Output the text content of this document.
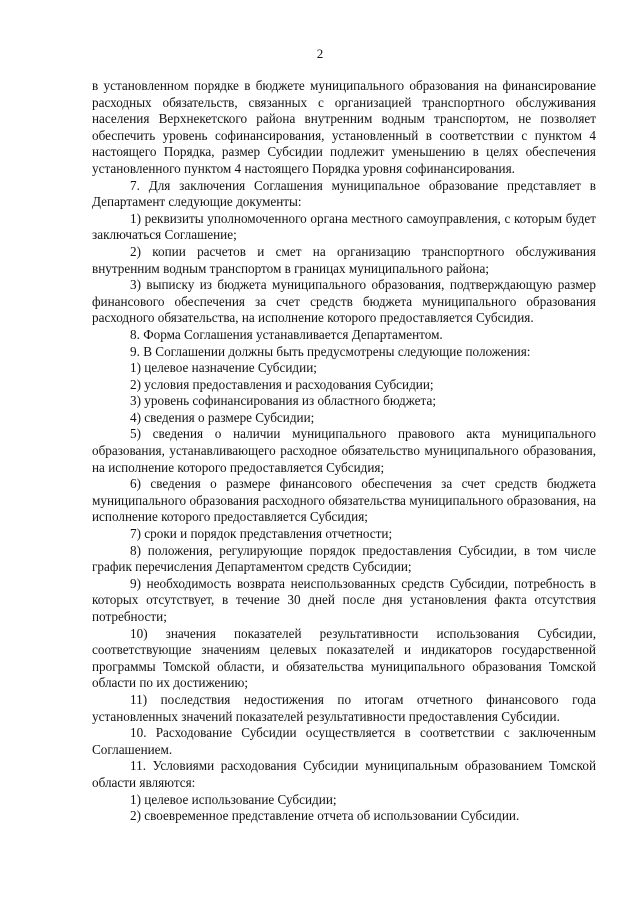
2

в установленном порядке в бюджете муниципального образования на финансирование расходных обязательств, связанных с организацией транспортного обслуживания населения Верхнекетского района внутренним водным транспортом, не позволяет обеспечить уровень софинансирования, установленный в соответствии с пунктом 4 настоящего Порядка, размер Субсидии подлежит уменьшению в целях обеспечения установленного пунктом 4 настоящего Порядка уровня софинансирования.

7. Для заключения Соглашения муниципальное образование представляет в Департамент следующие документы:

1) реквизиты уполномоченного органа местного самоуправления, с которым будет заключаться Соглашение;

2) копии расчетов и смет на организацию транспортного обслуживания внутренним водным транспортом в границах муниципального района;

3) выписку из бюджета муниципального образования, подтверждающую размер финансового обеспечения за счет средств бюджета муниципального образования расходного обязательства, на исполнение которого предоставляется Субсидия.

8. Форма Соглашения устанавливается Департаментом.

9. В Соглашении должны быть предусмотрены следующие положения:

1) целевое назначение Субсидии;

2) условия предоставления и расходования Субсидии;

3) уровень софинансирования из областного бюджета;

4) сведения о размере Субсидии;

5) сведения о наличии муниципального правового акта муниципального образования, устанавливающего расходное обязательство муниципального образования, на исполнение которого предоставляется Субсидия;

6) сведения о размере финансового обеспечения за счет средств бюджета муниципального образования расходного обязательства муниципального образования, на исполнение которого предоставляется Субсидия;

7) сроки и порядок представления отчетности;

8) положения, регулирующие порядок предоставления Субсидии, в том числе график перечисления Департаментом средств Субсидии;

9) необходимость возврата неиспользованных средств Субсидии, потребность в которых отсутствует, в течение 30 дней после дня установления факта отсутствия потребности;

10) значения показателей результативности использования Субсидии, соответствующие значениям целевых показателей и индикаторов государственной программы Томской области, и обязательства муниципального образования Томской области по их достижению;

11) последствия недостижения по итогам отчетного финансового года установленных значений показателей результативности предоставления Субсидии.

10. Расходование Субсидии осуществляется в соответствии с заключенным Соглашением.

11. Условиями расходования Субсидии муниципальным образованием Томской области являются:

1) целевое использование Субсидии;

2) своевременное представление отчета об использовании Субсидии.
